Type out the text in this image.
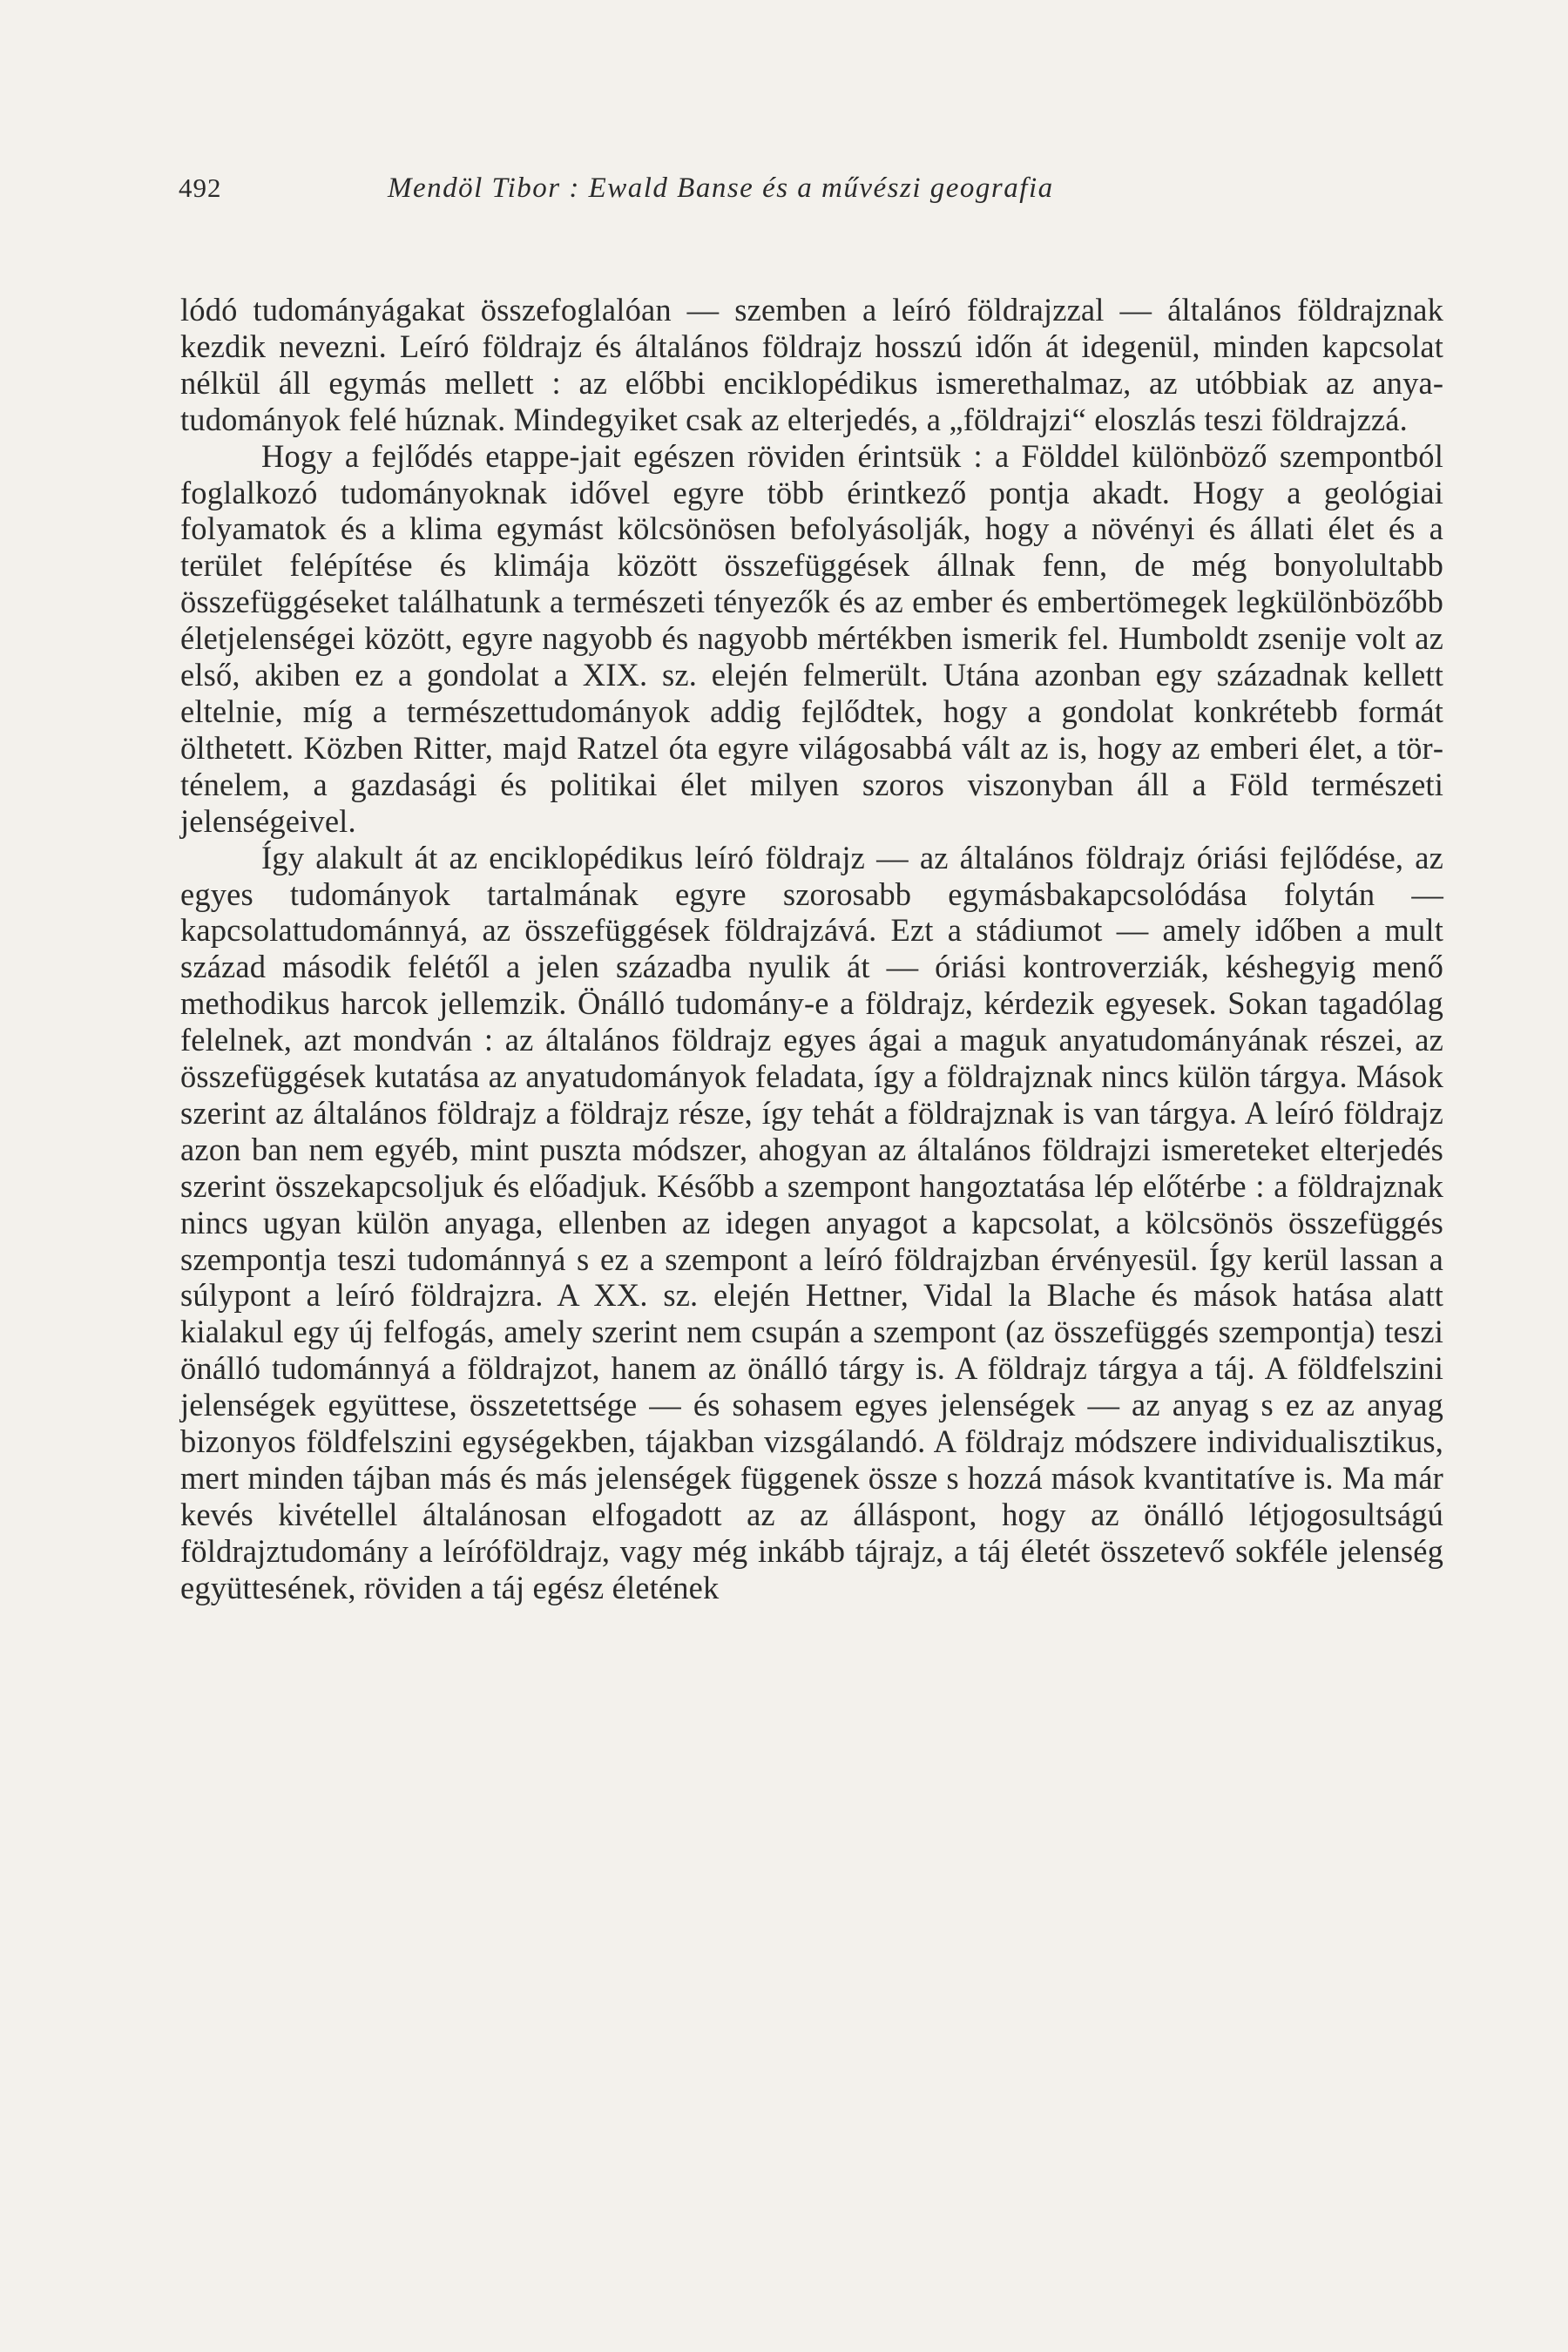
492	Mendöl Tibor : Ewald Banse és a művészi geografia

lódó tudományágakat összefoglalóan — szemben a leíró földrajzzal — általános földrajznak kezdik nevezni. Leíró földrajz és általános földrajz hosszú időn át idegenül, minden kapcsolat nélkül áll egymás mellett : az előbbi enciklopédikus ismerethalmaz, az utóbbiak az anyatudományok felé húznak. Mindegyiket csak az elterjedés, a „földrajzi“ eloszlás teszi földrajzzá.

Hogy a fejlődés etappe-jait egészen röviden érintsük : a Földdel különböző szempontból foglalkozó tudományoknak idővel egyre több érintkező pontja akadt. Hogy a geológiai folyamatok és a klima egymást kölcsönösen befolyásolják, hogy a növényi és állati élet és a terület felépítése és klimája között összefüggések állnak fenn, de még bonyolultabb összefüggéseket találhatunk a természeti tényezők és az ember és embertömegek legkülönbözőbb életjelenségei között, egyre nagyobb és nagyobb mértékben ismerik fel. Humboldt zsenije volt az első, akiben ez a gondolat a XIX. sz. elején felmerült. Utána azonban egy századnak kellett eltelnie, míg a természettudományok addig fejlődtek, hogy a gondolat konkrétebb formát ölthetett. Közben Ritter, majd Ratzel óta egyre világosabbá vált az is, hogy az emberi élet, a történelem, a gazdasági és politikai élet milyen szoros viszonyban áll a Föld természeti jelenségeivel.

Így alakult át az enciklopédikus leíró földrajz — az általános földrajz óriási fejlődése, az egyes tudományok tartalmának egyre szorosabb egymásbakapcsolódása folytán — kapcsolattudománnyá, az összefüggések földrajzává. Ezt a stádiumot — amely időben a mult század második felétől a jelen századba nyulik át — óriási kontroverziák, késhegyig menő methodikus harcok jellemzik. Önálló tudomány-e a földrajz, kérdezik egyesek. Sokan tagadólag felelnek, azt mondván : az általános földrajz egyes ágai a maguk anyatudományának részei, az összefüggések kutatása az anyatudományok feladata, így a földrajznak nincs külön tárgya. Mások szerint az általános földrajz a földrajz része, így tehát a földrajznak is van tárgya. A leíró földrajz azon ban nem egyéb, mint puszta módszer, ahogyan az általános földrajzi ismereteket elterjedés szerint összekapcsoljuk és előadjuk. Később a szempont hangoztatása lép előtérbe : a földrajznak nincs ugyan külön anyaga, ellenben az idegen anyagot a kapcsolat, a kölcsönös összefüggés szempontja teszi tudománnyá s ez a szempont a leíró földrajzban érvényesül. Így kerül lassan a súlypont a leíró földrajzra. A XX. sz. elején Hettner, Vidal la Blache és mások hatása alatt kialakul egy új felfogás, amely szerint nem csupán a szempont (az összefüggés szempontja) teszi önálló tudománnyá a földrajzot, hanem az önálló tárgy is. A földrajz tárgya a táj. A földfelszini jelenségek együttese, összetettsége — és sohasem egyes jelenségek — az anyag s ez az anyag bizonyos földfelszini egységekben, tájakban vizsgálandó. A földrajz módszere individualisztikus, mert minden tájban más és más jelenségek függenek össze s hozzá mások kvantitatíve is. Ma már kevés kivétellel általánosan elfogadott az az álláspont, hogy az önálló létjogosultságú földrajztudomány a leíróföldrajz, vagy még inkább tájrajz, a táj életét összetevő sokféle jelenség együttesének, röviden a táj egész életének
